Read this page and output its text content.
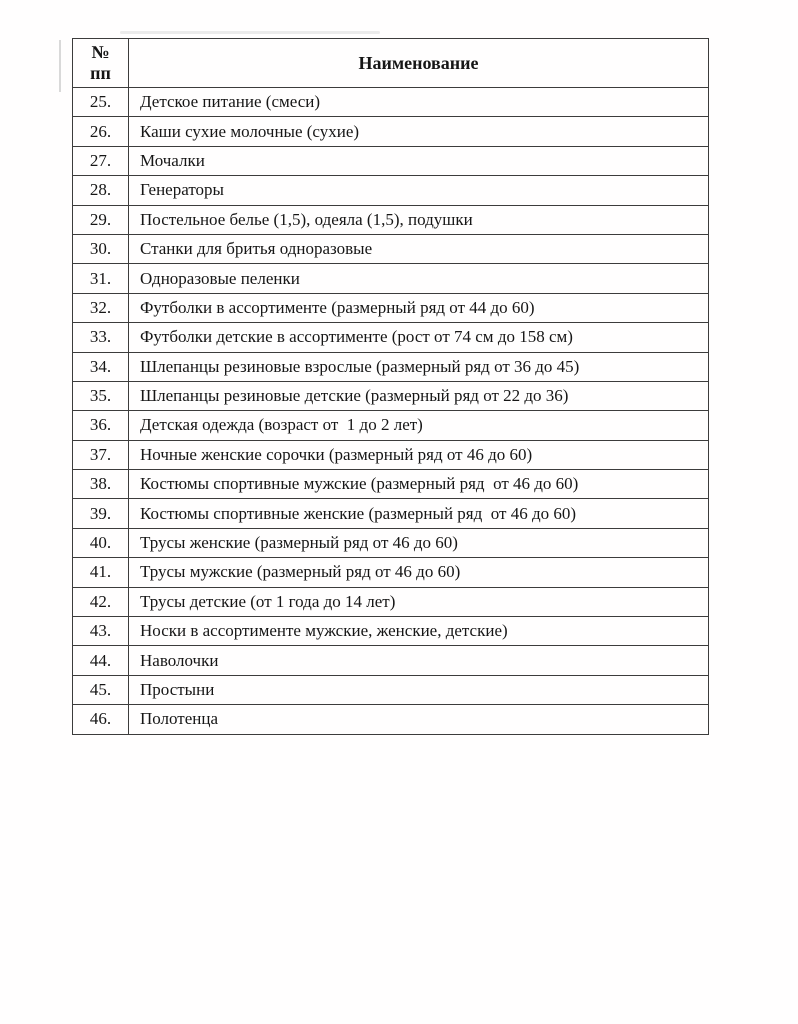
№
пп	Наименование
25.	Детское питание (смеси)
26.	Каши сухие молочные (сухие)
27.	Мочалки
28.	Генераторы
29.	Постельное белье (1,5), одеяла (1,5), подушки
30.	Станки для бритья одноразовые
31.	Одноразовые пеленки
32.	Футболки в ассортименте (размерный ряд от 44 до 60)
33.	Футболки детские в ассортименте (рост от 74 см до 158 см)
34.	Шлепанцы резиновые взрослые (размерный ряд от 36 до 45)
35.	Шлепанцы резиновые детские (размерный ряд от 22 до 36)
36.	Детская одежда (возраст от  1 до 2 лет)
37.	Ночные женские сорочки (размерный ряд от 46 до 60)
38.	Костюмы спортивные мужские (размерный ряд  от 46 до 60)
39.	Костюмы спортивные женские (размерный ряд  от 46 до 60)
40.	Трусы женские (размерный ряд от 46 до 60)
41.	Трусы мужские (размерный ряд от 46 до 60)
42.	Трусы детские (от 1 года до 14 лет)
43.	Носки в ассортименте мужские, женские, детские)
44.	Наволочки
45.	Простыни
46.	Полотенца
